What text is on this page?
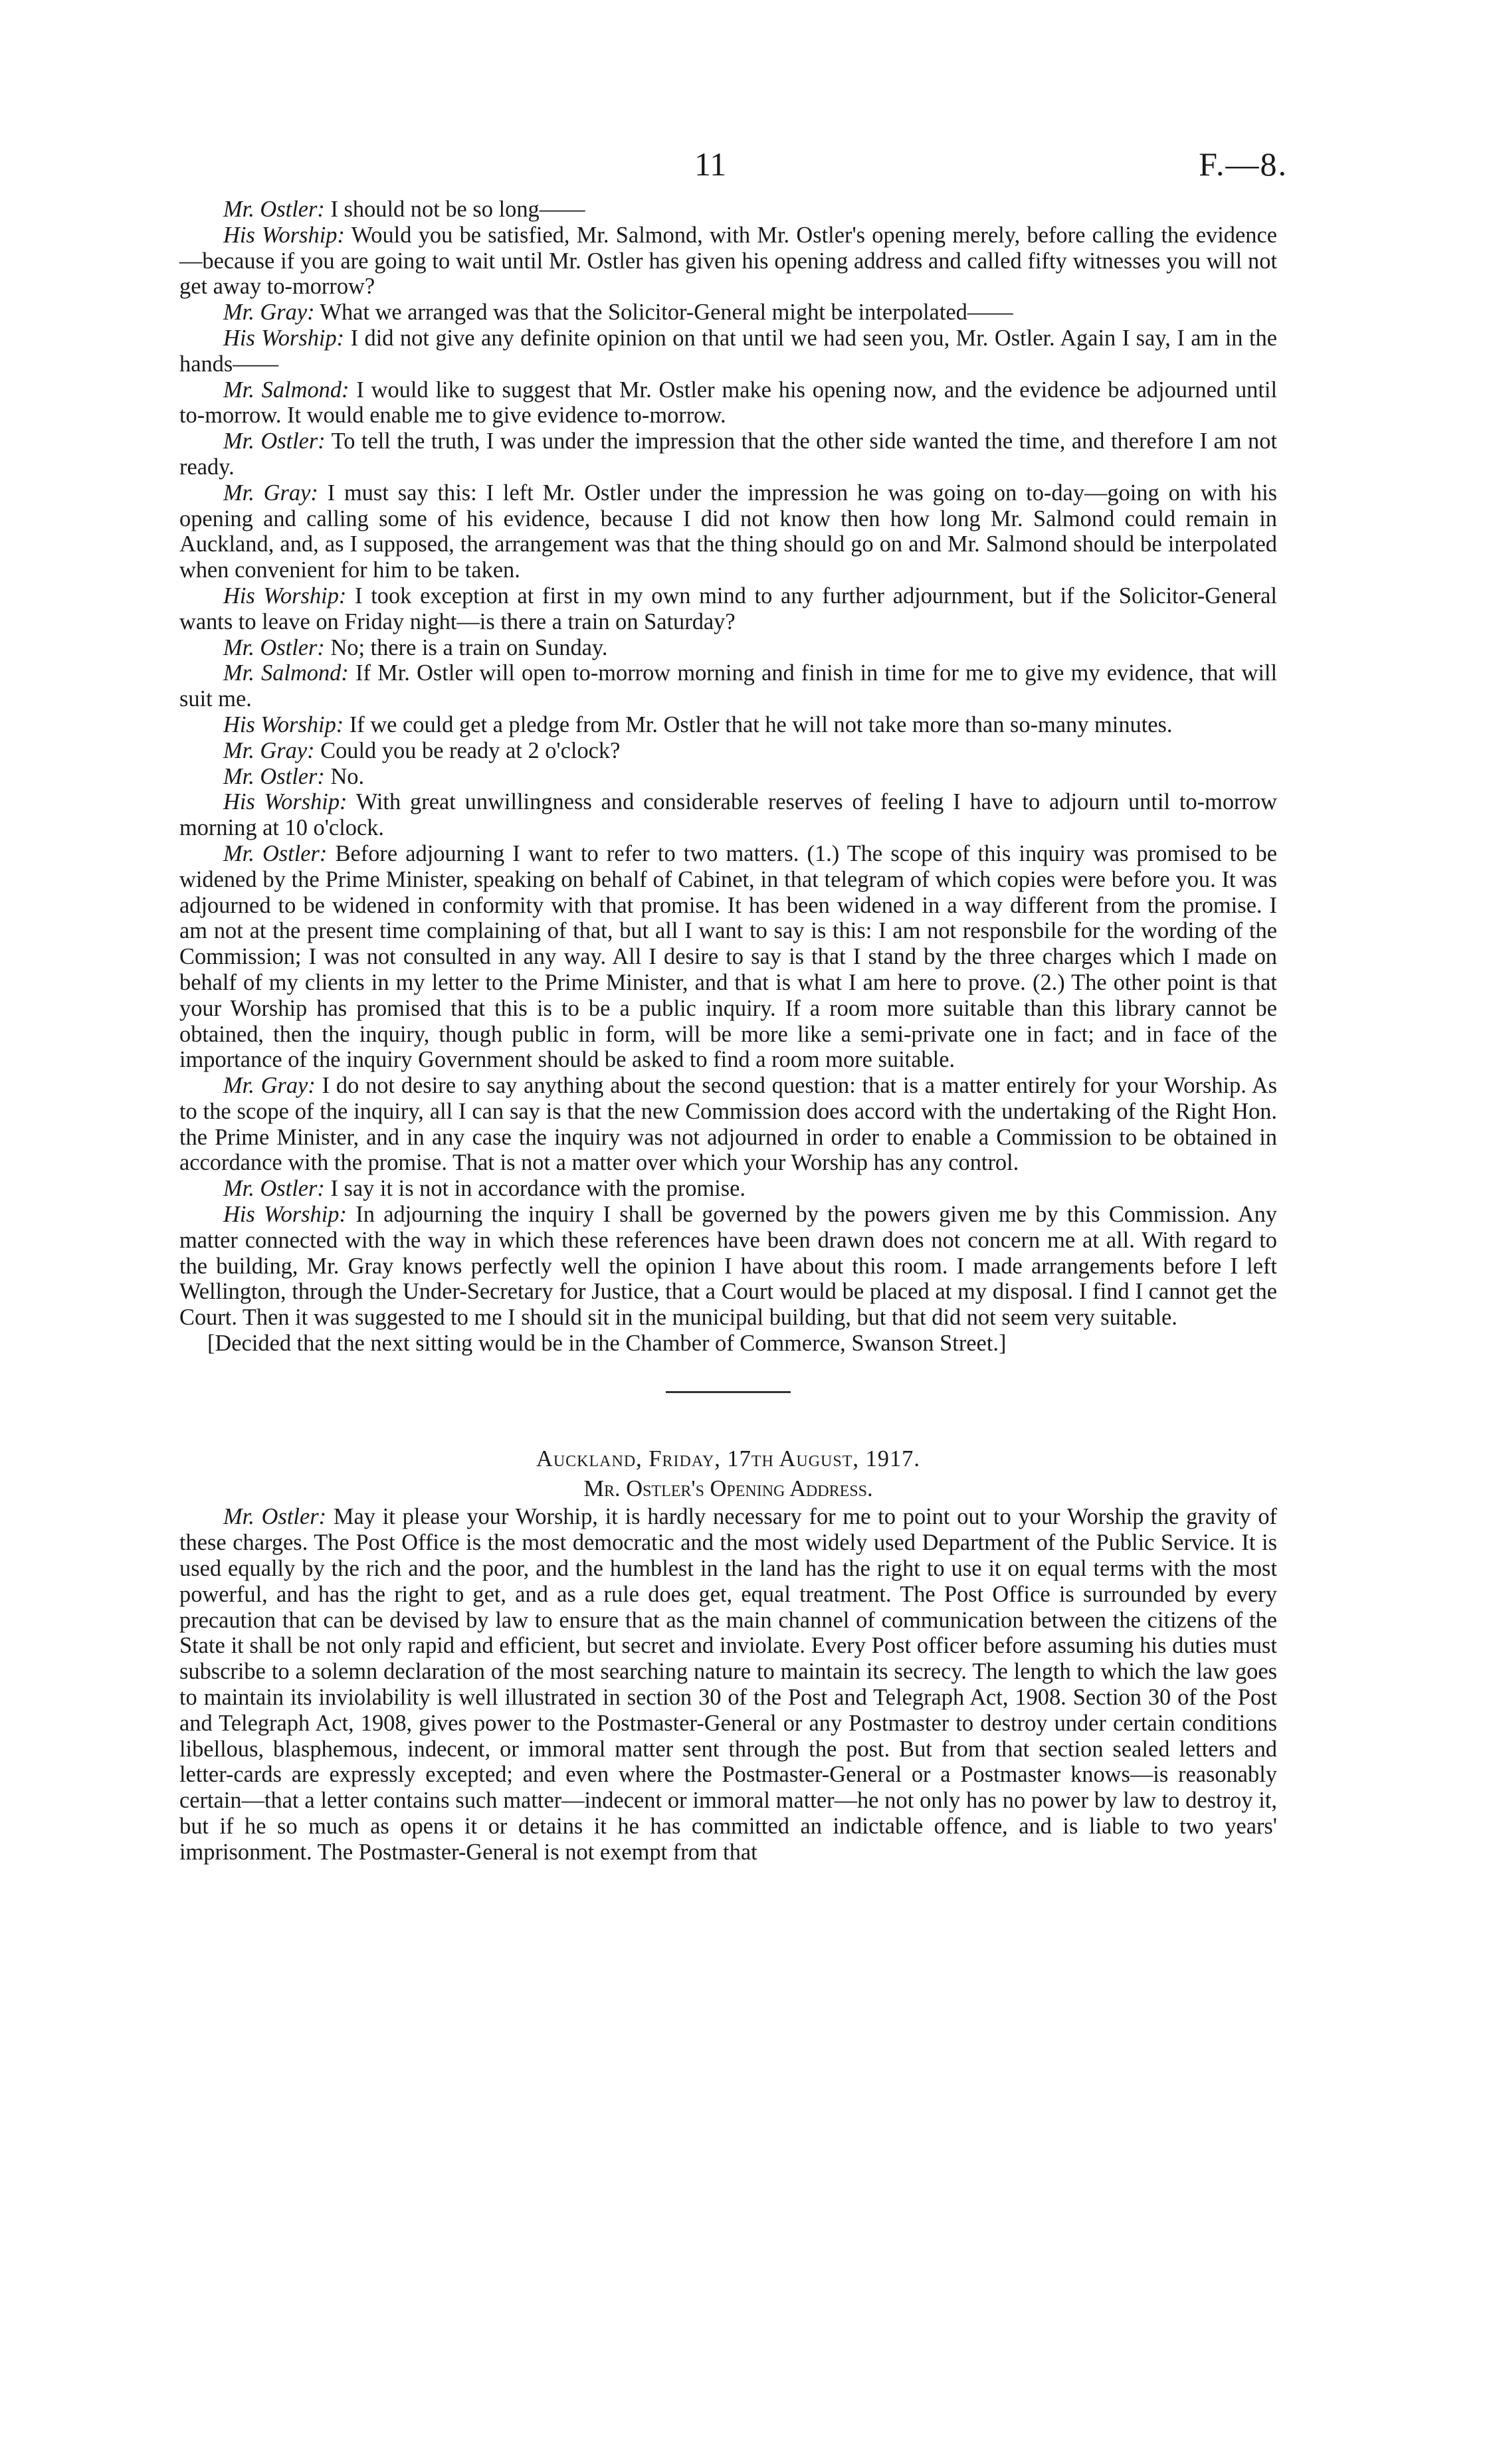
11	F.—8.

Mr. Ostler: I should not be so long——

His Worship: Would you be satisfied, Mr. Salmond, with Mr. Ostler's opening merely, before calling the evidence—because if you are going to wait until Mr. Ostler has given his opening address and called fifty witnesses you will not get away to-morrow?

Mr. Gray: What we arranged was that the Solicitor-General might be interpolated——

His Worship: I did not give any definite opinion on that until we had seen you, Mr. Ostler. Again I say, I am in the hands——

Mr. Salmond: I would like to suggest that Mr. Ostler make his opening now, and the evidence be adjourned until to-morrow. It would enable me to give evidence to-morrow.

Mr. Ostler: To tell the truth, I was under the impression that the other side wanted the time, and therefore I am not ready.

Mr. Gray: I must say this: I left Mr. Ostler under the impression he was going on to-day—going on with his opening and calling some of his evidence, because I did not know then how long Mr. Salmond could remain in Auckland, and, as I supposed, the arrangement was that the thing should go on and Mr. Salmond should be interpolated when convenient for him to be taken.

His Worship: I took exception at first in my own mind to any further adjournment, but if the Solicitor-General wants to leave on Friday night—is there a train on Saturday?

Mr. Ostler: No; there is a train on Sunday.

Mr. Salmond: If Mr. Ostler will open to-morrow morning and finish in time for me to give my evidence, that will suit me.

His Worship: If we could get a pledge from Mr. Ostler that he will not take more than so-many minutes.

Mr. Gray: Could you be ready at 2 o'clock?

Mr. Ostler: No.

His Worship: With great unwillingness and considerable reserves of feeling I have to adjourn until to-morrow morning at 10 o'clock.

Mr. Ostler: Before adjourning I want to refer to two matters. (1.) The scope of this inquiry was promised to be widened by the Prime Minister, speaking on behalf of Cabinet, in that telegram of which copies were before you. It was adjourned to be widened in conformity with that promise. It has been widened in a way different from the promise. I am not at the present time complaining of that, but all I want to say is this: I am not responsbile for the wording of the Commission; I was not consulted in any way. All I desire to say is that I stand by the three charges which I made on behalf of my clients in my letter to the Prime Minister, and that is what I am here to prove. (2.) The other point is that your Worship has promised that this is to be a public inquiry. If a room more suitable than this library cannot be obtained, then the inquiry, though public in form, will be more like a semi-private one in fact; and in face of the importance of the inquiry Government should be asked to find a room more suitable.

Mr. Gray: I do not desire to say anything about the second question: that is a matter entirely for your Worship. As to the scope of the inquiry, all I can say is that the new Commission does accord with the undertaking of the Right Hon. the Prime Minister, and in any case the inquiry was not adjourned in order to enable a Commission to be obtained in accordance with the promise. That is not a matter over which your Worship has any control.

Mr. Ostler: I say it is not in accordance with the promise.

His Worship: In adjourning the inquiry I shall be governed by the powers given me by this Commission. Any matter connected with the way in which these references have been drawn does not concern me at all. With regard to the building, Mr. Gray knows perfectly well the opinion I have about this room. I made arrangements before I left Wellington, through the Under-Secretary for Justice, that a Court would be placed at my disposal. I find I cannot get the Court. Then it was suggested to me I should sit in the municipal building, but that did not seem very suitable.

[Decided that the next sitting would be in the Chamber of Commerce, Swanson Street.]

Auckland, Friday, 17th August, 1917.

Mr. Ostler's Opening Address.

Mr. Ostler: May it please your Worship, it is hardly necessary for me to point out to your Worship the gravity of these charges. The Post Office is the most democratic and the most widely used Department of the Public Service. It is used equally by the rich and the poor, and the humblest in the land has the right to use it on equal terms with the most powerful, and has the right to get, and as a rule does get, equal treatment. The Post Office is surrounded by every precaution that can be devised by law to ensure that as the main channel of communication between the citizens of the State it shall be not only rapid and efficient, but secret and inviolate. Every Post officer before assuming his duties must subscribe to a solemn declaration of the most searching nature to maintain its secrecy. The length to which the law goes to maintain its inviolability is well illustrated in section 30 of the Post and Telegraph Act, 1908. Section 30 of the Post and Telegraph Act, 1908, gives power to the Postmaster-General or any Postmaster to destroy under certain conditions libellous, blasphemous, indecent, or immoral matter sent through the post. But from that section sealed letters and letter-cards are expressly excepted; and even where the Postmaster-General or a Postmaster knows—is reasonably certain—that a letter contains such matter—indecent or immoral matter—he not only has no power by law to destroy it, but if he so much as opens it or detains it he has committed an indictable offence, and is liable to two years' imprisonment. The Postmaster-General is not exempt from that
